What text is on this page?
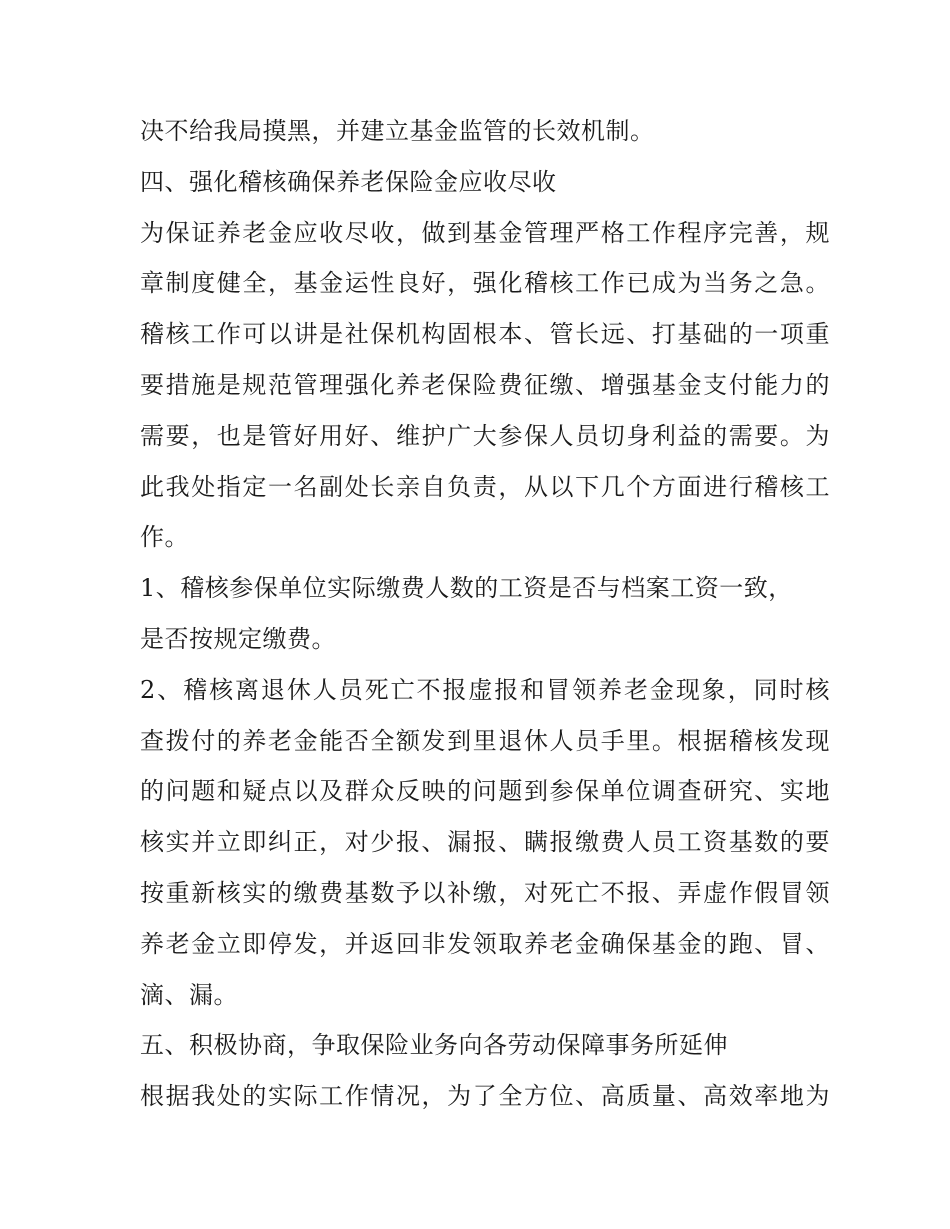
决不给我局摸黑，并建立基金监管的长效机制。
四、强化稽核确保养老保险金应收尽收
为保证养老金应收尽收，做到基金管理严格工作程序完善，规
章制度健全，基金运性良好，强化稽核工作已成为当务之急。
稽核工作可以讲是社保机构固根本、管长远、打基础的一项重
要措施是规范管理强化养老保险费征缴、增强基金支付能力的
需要，也是管好用好、维护广大参保人员切身利益的需要。为
此我处指定一名副处长亲自负责，从以下几个方面进行稽核工
作。
1、稽核参保单位实际缴费人数的工资是否与档案工资一致，
是否按规定缴费。
2、稽核离退休人员死亡不报虚报和冒领养老金现象，同时核
查拨付的养老金能否全额发到里退休人员手里。根据稽核发现
的问题和疑点以及群众反映的问题到参保单位调查研究、实地
核实并立即纠正，对少报、漏报、瞒报缴费人员工资基数的要
按重新核实的缴费基数予以补缴，对死亡不报、弄虚作假冒领
养老金立即停发，并返回非发领取养老金确保基金的跑、冒、
滴、漏。
五、积极协商，争取保险业务向各劳动保障事务所延伸
根据我处的实际工作情况，为了全方位、高质量、高效率地为
